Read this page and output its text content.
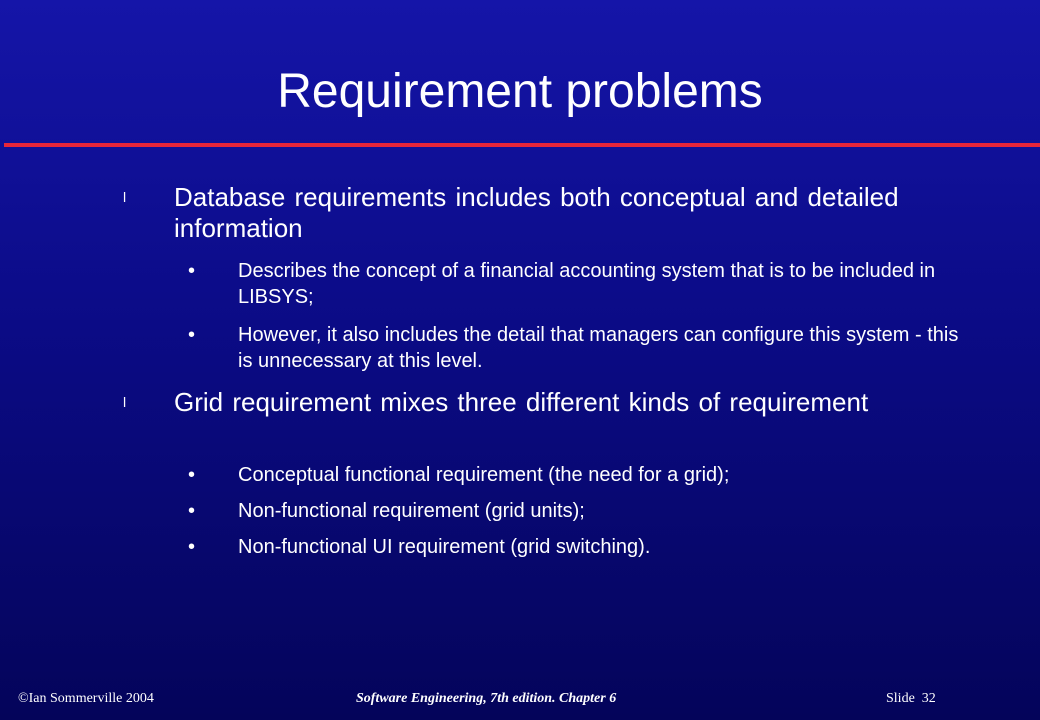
Requirement problems
l Database requirements includes both conceptual and detailed information
• Describes the concept of a financial accounting system that is to be included in LIBSYS;
• However, it also includes the detail that managers can configure this system - this is unnecessary at this level.
l Grid requirement mixes three different kinds of requirement
• Conceptual functional requirement (the need for a grid);
• Non-functional requirement (grid units);
• Non-functional UI requirement (grid switching).
©Ian Sommerville 2004	Software Engineering, 7th edition. Chapter 6	Slide  32
